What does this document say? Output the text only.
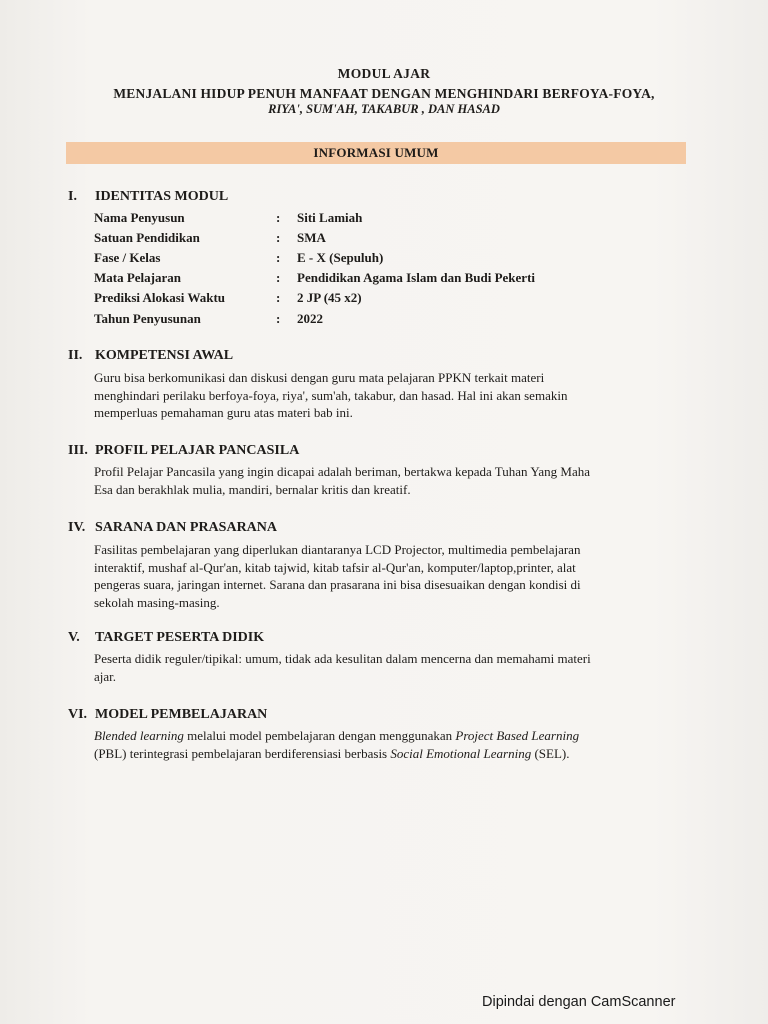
MODUL AJAR
MENJALANI HIDUP PENUH MANFAAT DENGAN MENGHINDARI BERFOYA-FOYA,
RIYA', SUM'AH, TAKABUR , DAN HASAD
INFORMASI UMUM
I. IDENTITAS MODUL
Nama Penyusun	: Siti Lamiah
Satuan Pendidikan	: SMA
Fase / Kelas	: E - X (Sepuluh)
Mata Pelajaran	: Pendidikan Agama Islam dan Budi Pekerti
Prediksi Alokasi Waktu	: 2 JP (45 x2)
Tahun Penyusunan	: 2022
II. KOMPETENSI AWAL
Guru bisa berkomunikasi dan diskusi dengan guru mata pelajaran PPKN terkait materi
menghindari perilaku berfoya-foya, riya', sum'ah, takabur, dan hasad. Hal ini akan semakin
memperluas pemahaman guru atas materi bab ini.
III. PROFIL PELAJAR PANCASILA
Profil Pelajar Pancasila yang ingin dicapai adalah beriman, bertakwa kepada Tuhan Yang Maha
Esa dan berakhlak mulia, mandiri, bernalar kritis dan kreatif.
IV. SARANA DAN PRASARANA
Fasilitas pembelajaran yang diperlukan diantaranya LCD Projector, multimedia pembelajaran
interaktif, mushaf al-Qur'an, kitab tajwid, kitab tafsir al-Qur'an, komputer/laptop,printer, alat
pengeras suara, jaringan internet. Sarana dan prasarana ini bisa disesuaikan dengan kondisi di
sekolah masing-masing.
V. TARGET PESERTA DIDIK
Peserta didik reguler/tipikal: umum, tidak ada kesulitan dalam mencerna dan memahami materi
ajar.
VI. MODEL PEMBELAJARAN
Blended learning melalui model pembelajaran dengan menggunakan Project Based Learning
(PBL) terintegrasi pembelajaran berdiferensiasi berbasis Social Emotional Learning (SEL).
Dipindai dengan CamScanner
